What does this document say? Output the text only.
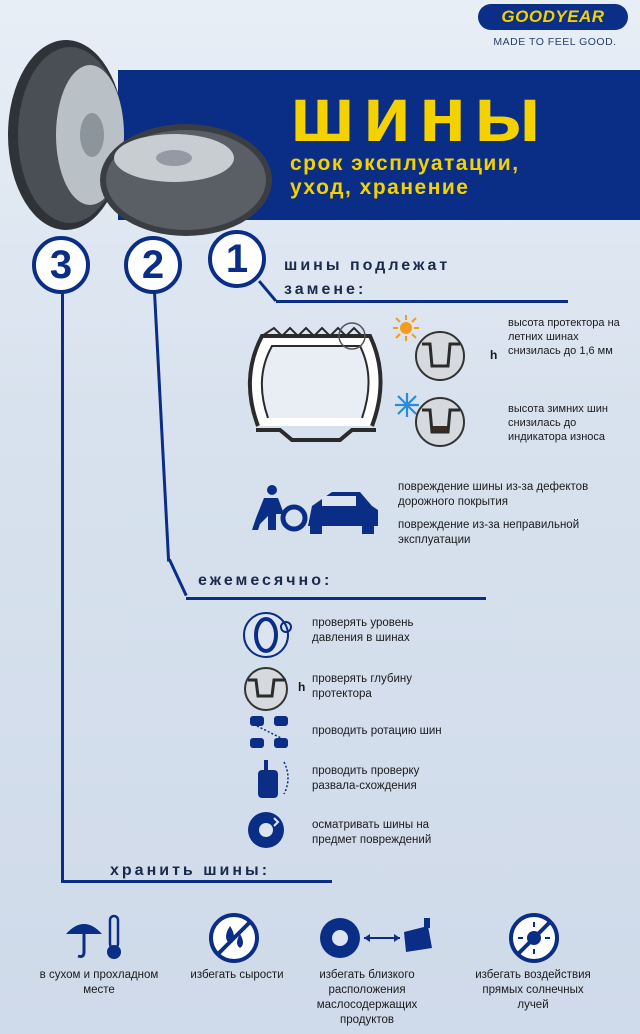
GOODYEAR
MADE TO FEEL GOOD.
шины
срок эксплуатации,
уход, хранение
3	2	1	шины подлежат
замене:
h
высота протектора на летних шинах снизилась до 1,6 мм
высота зимних шин снизилась до индикатора износа
повреждение шины из-за дефектов дорожного покрытия
повреждение из-за неправильной эксплуатации
ежемесячно:
проверять уровень давления в шинах
h
проверять глубину протектора
проводить ротацию шин
проводить проверку развала-схождения
осматривать шины на предмет повреждений
хранить шины:
в сухом и прохладном месте
избегать сырости	избегать близкого расположения маслосодержащих продуктов
избегать воздействия прямых солнечных лучей
